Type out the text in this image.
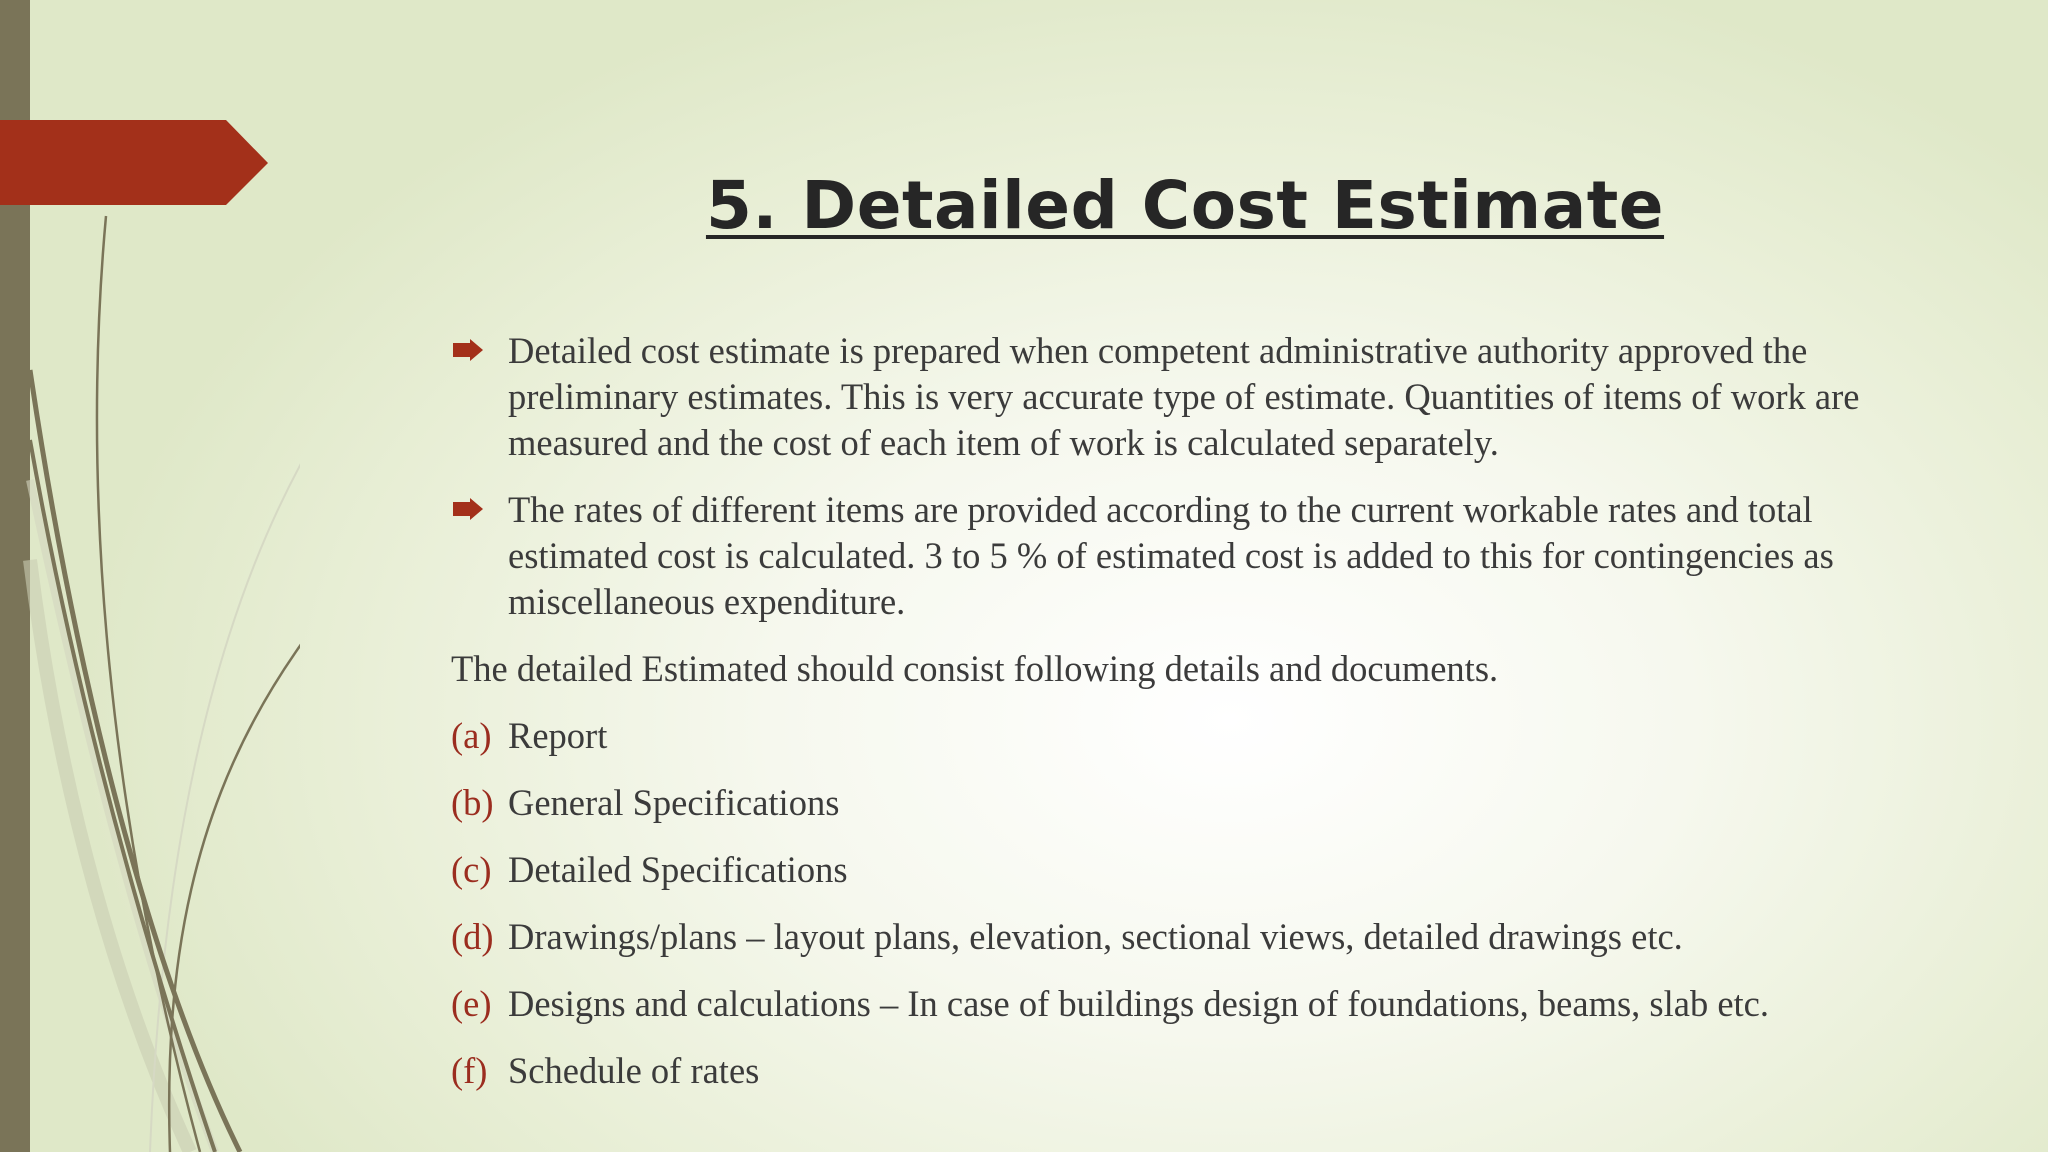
5. Detailed Cost Estimate
Detailed cost estimate is prepared when competent administrative authority approved the preliminary estimates. This is very accurate type of estimate. Quantities of items of work are measured and the cost of each item of work is calculated separately.
The rates of different items are provided according to the current workable rates and total estimated cost is calculated. 3 to 5 % of estimated cost is added to this for contingencies as miscellaneous expenditure.
The detailed Estimated should consist following details and documents.
(a) Report
(b) General Specifications
(c) Detailed Specifications
(d) Drawings/plans – layout plans, elevation, sectional views, detailed drawings etc.
(e) Designs and calculations – In case of buildings design of foundations, beams, slab etc.
(f) Schedule of rates
